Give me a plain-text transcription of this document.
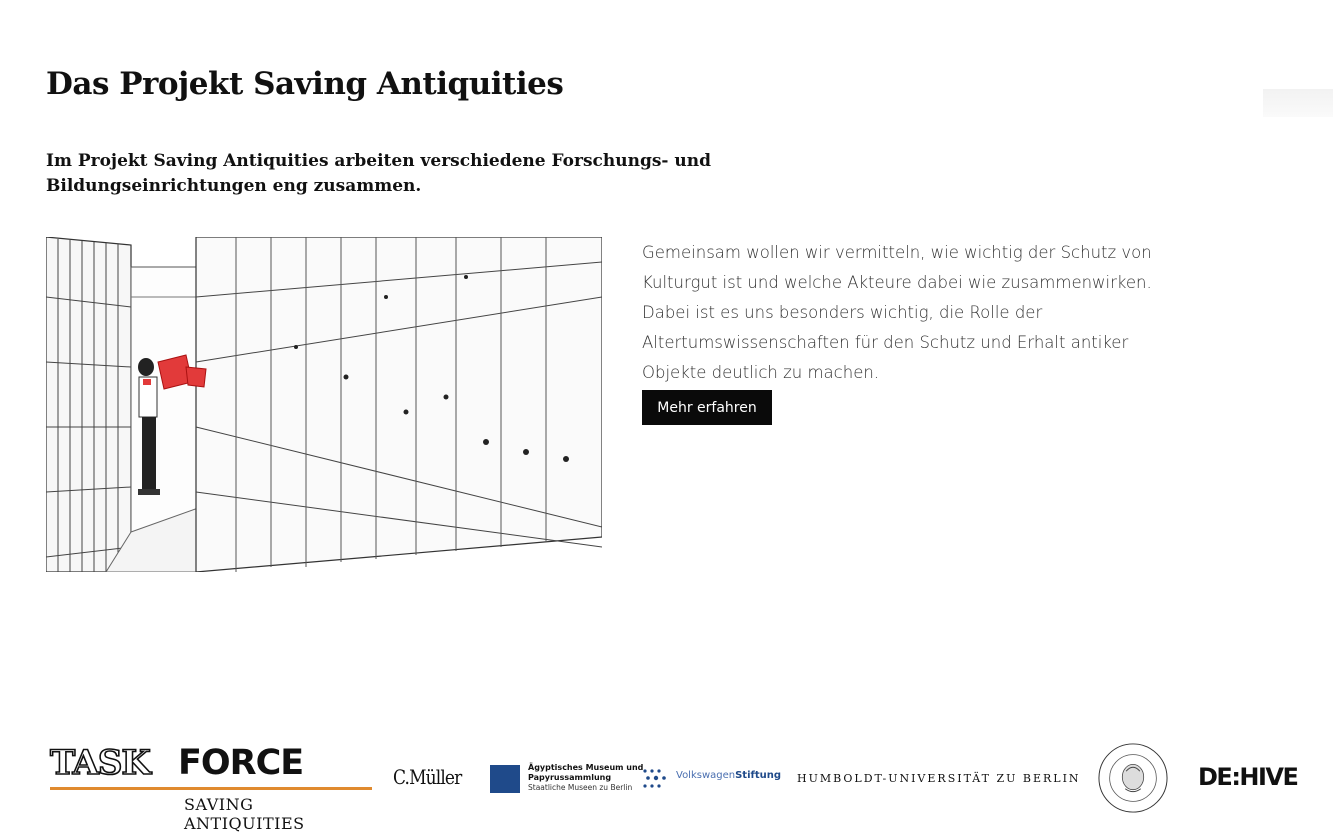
Das Projekt Saving Antiquities

Im Projekt Saving Antiquities arbeiten verschiedene Forschungs- und Bildungseinrichtungen eng zusammen.

Gemeinsam wollen wir vermitteln, wie wichtig der Schutz von Kulturgut ist und welche Akteure dabei wie zusammenwirken. Dabei ist es uns besonders wichtig, die Rolle der Altertumswissenschaften für den Schutz und Erhalt antiker Objekte deutlich zu machen.

Mehr erfahren
TASK FORCE
SAVING ANTIQUITIES
C.Müller	Ägyptisches Museum und Papyrussammlung
Staatliche Museen zu Berlin
VolkswagenStiftung HUMBOLDT-UNIVERSITÄT ZU BERLIN	DE:HIVE
